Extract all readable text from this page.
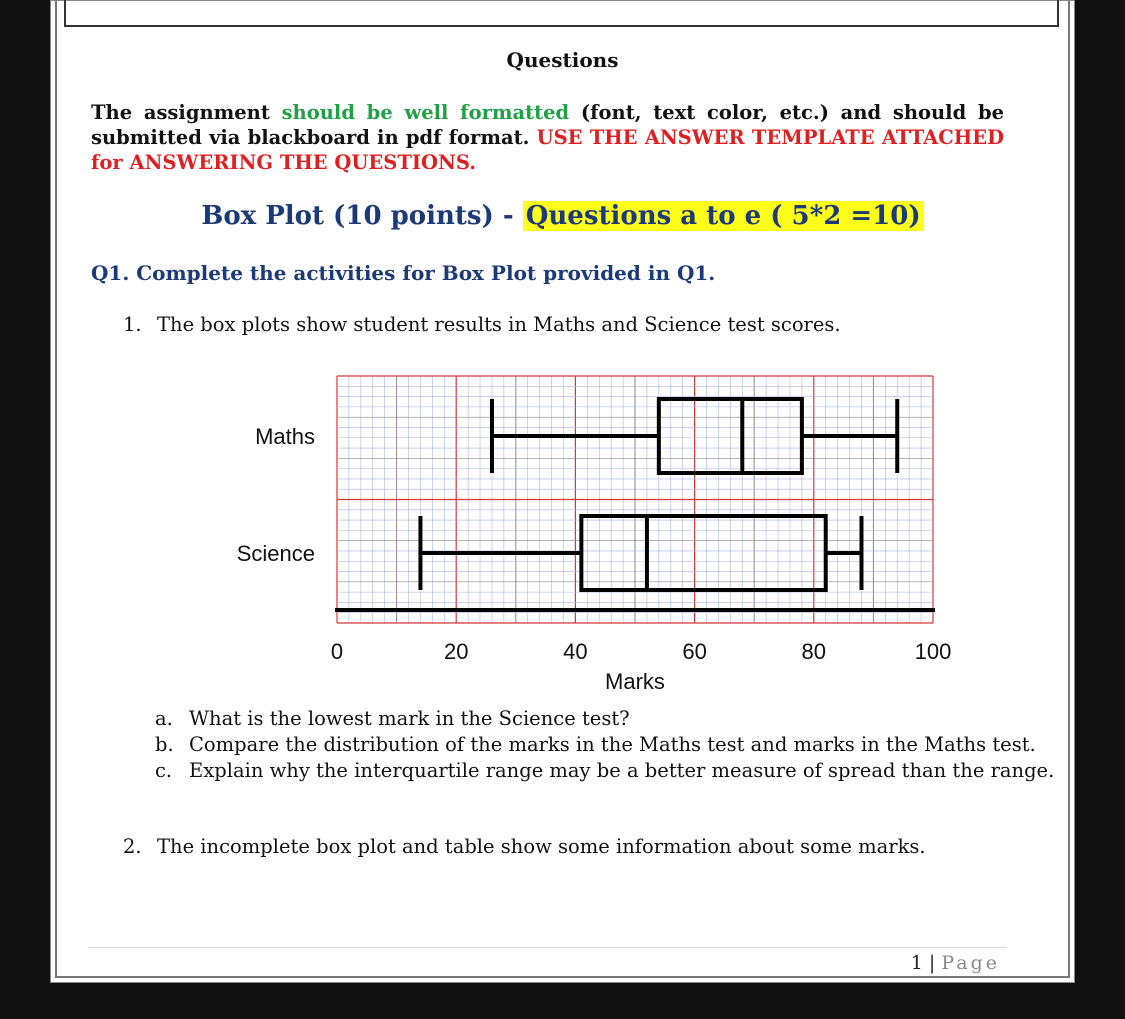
Questions
The assignment should be well formatted (font, text color, etc.) and should be submitted via blackboard in pdf format. USE THE ANSWER TEMPLATE ATTACHED for ANSWERING THE QUESTIONS.
Box Plot (10 points) - Questions a to e ( 5*2 =10)
Q1. Complete the activities for Box Plot provided in Q1.
1. The box plots show student results in Maths and Science test scores.
Maths
Science
0	20	40	60	80	100
Marks
a. What is the lowest mark in the Science test?
b. Compare the distribution of the marks in the Maths test and marks in the Maths test.
c. Explain why the interquartile range may be a better measure of spread than the range.
2. The incomplete box plot and table show some information about some marks.
1 | Page
